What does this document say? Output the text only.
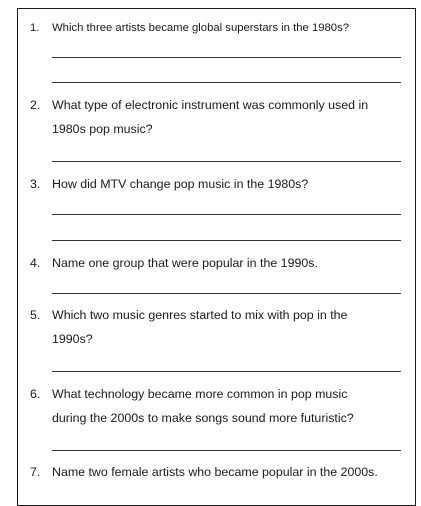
1.	Which three artists became global superstars in the 1980s?
2. What type of electronic instrument was commonly used in
1980s pop music?
3. How did MTV change pop music in the 1980s?
4. Name one group that were popular in the 1990s.
5. Which two music genres started to mix with pop in the
1990s?
6. What technology became more common in pop music
during the 2000s to make songs sound more futuristic?
7. Name two female artists who became popular in the 2000s.
